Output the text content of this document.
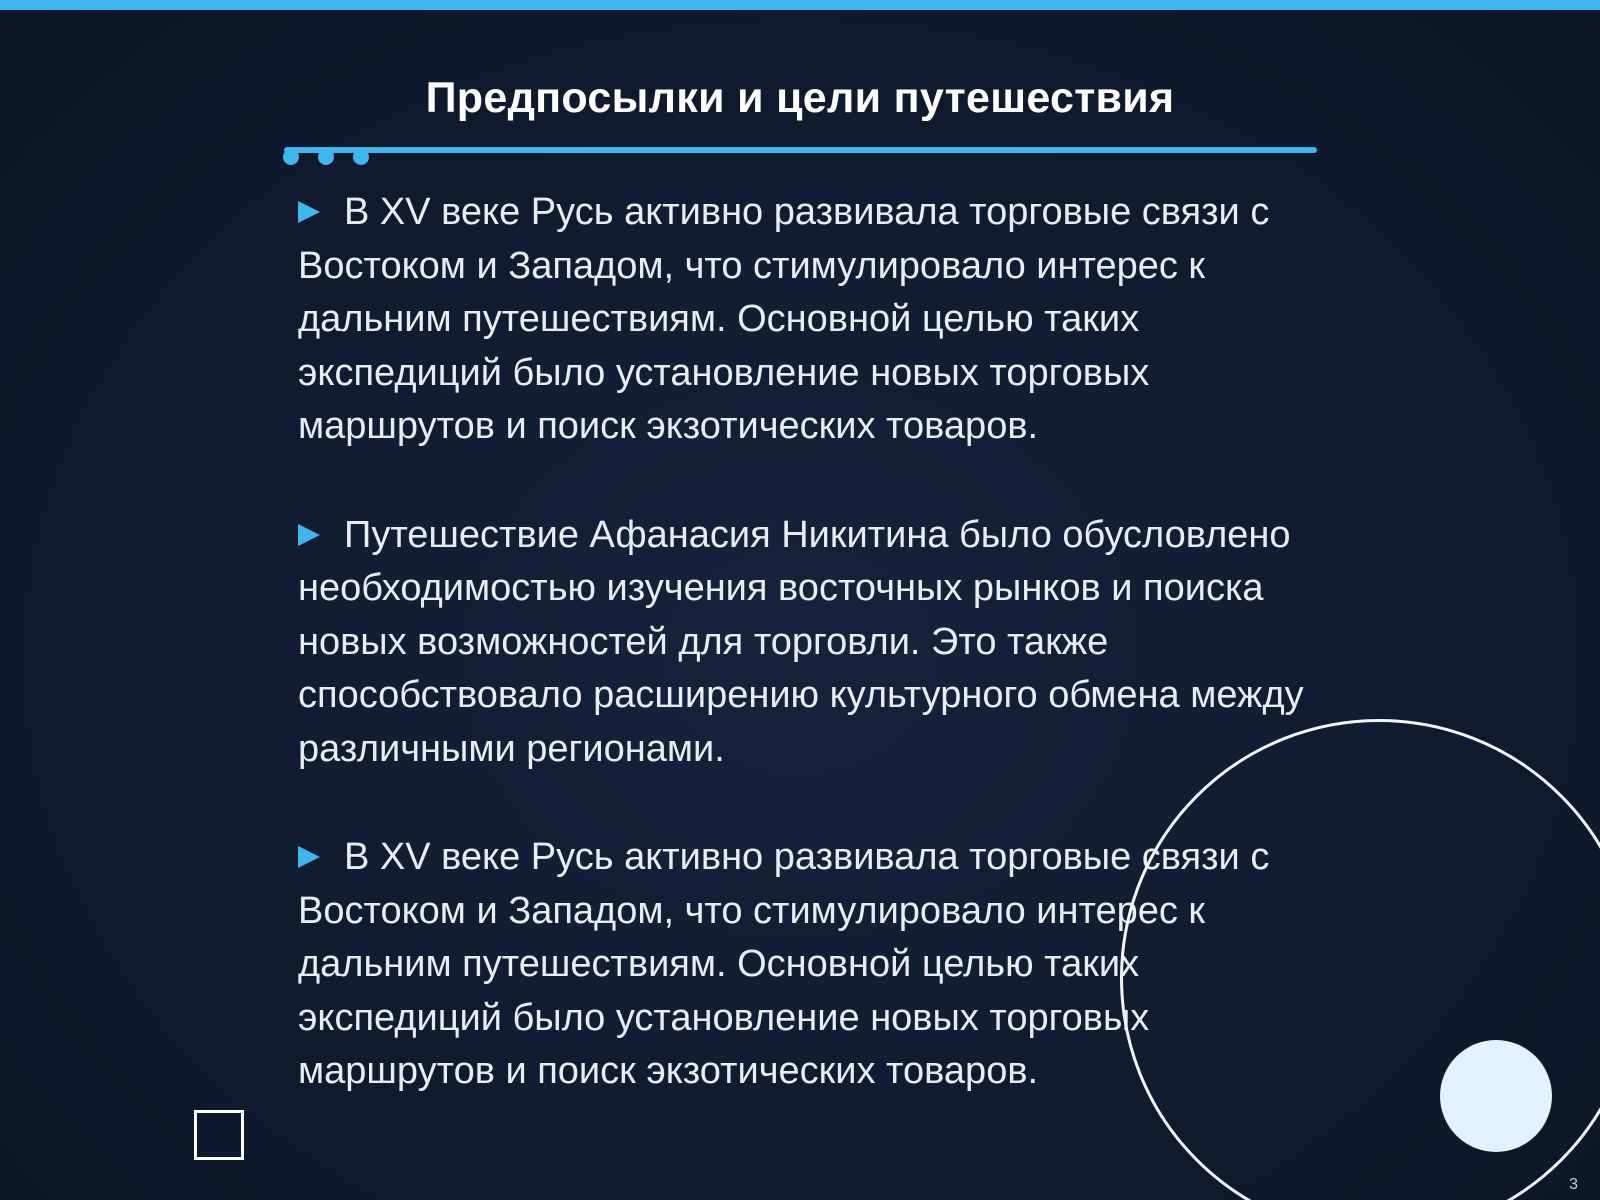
Предпосылки и цели путешествия
В XV веке Русь активно развивала торговые связи с Востоком и Западом, что стимулировало интерес к дальним путешествиям. Основной целью таких экспедиций было установление новых торговых маршрутов и поиск экзотических товаров.
Путешествие Афанасия Никитина было обусловлено необходимостью изучения восточных рынков и поиска новых возможностей для торговли. Это также способствовало расширению культурного обмена между различными регионами.
В XV веке Русь активно развивала торговые связи с Востоком и Западом, что стимулировало интерес к дальним путешествиям. Основной целью таких экспедиций было установление новых торговых маршрутов и поиск экзотических товаров.
3
